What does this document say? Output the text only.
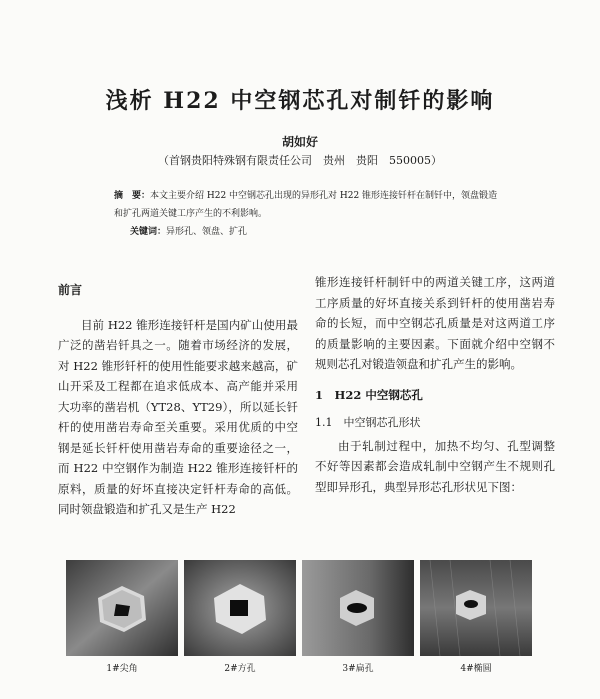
浅析 H22 中空钢芯孔对制钎的影响
胡如好
（首钢贵阳特殊钢有限责任公司　贵州　贵阳　550005）
摘　要：本文主要介绍 H22 中空钢芯孔出现的异形孔对 H22 锥形连接钎杆在制钎中，领盘锻造和扩孔两道关键工序产生的不利影响。
关键词：异形孔、领盘、扩孔
前言

目前 H22 锥形连接钎杆是国内矿山使用最广泛的凿岩钎具之一。随着市场经济的发展，对 H22 锥形钎杆的使用性能要求越来越高，矿山开采及工程都在追求低成本、高产能并采用大功率的凿岩机（YT28、YT29），所以延长钎杆的使用凿岩寿命至关重要。采用优质的中空钢是延长钎杆使用凿岩寿命的重要途径之一，而 H22 中空钢作为制造 H22 锥形连接钎杆的原料，质量的好坏直接决定钎杆寿命的高低。同时领盘锻造和扩孔又是生产 H22

锥形连接钎杆制钎中的两道关键工序，这两道工序质量的好坏直接关系到钎杆的使用凿岩寿命的长短，而中空钢芯孔质量是对这两道工序的质量影响的主要因素。下面就介绍中空钢不规则芯孔对锻造领盘和扩孔产生的影响。

1　H22 中空钢芯孔
1.1　中空钢芯孔形状

由于轧制过程中，加热不均匀、孔型调整不好等因素都会造成轧制中空钢产生不规则孔型即异形孔，典型异形芯孔形状见下图：

1#尖角	2#方孔	3#扁孔	4#椭圆
